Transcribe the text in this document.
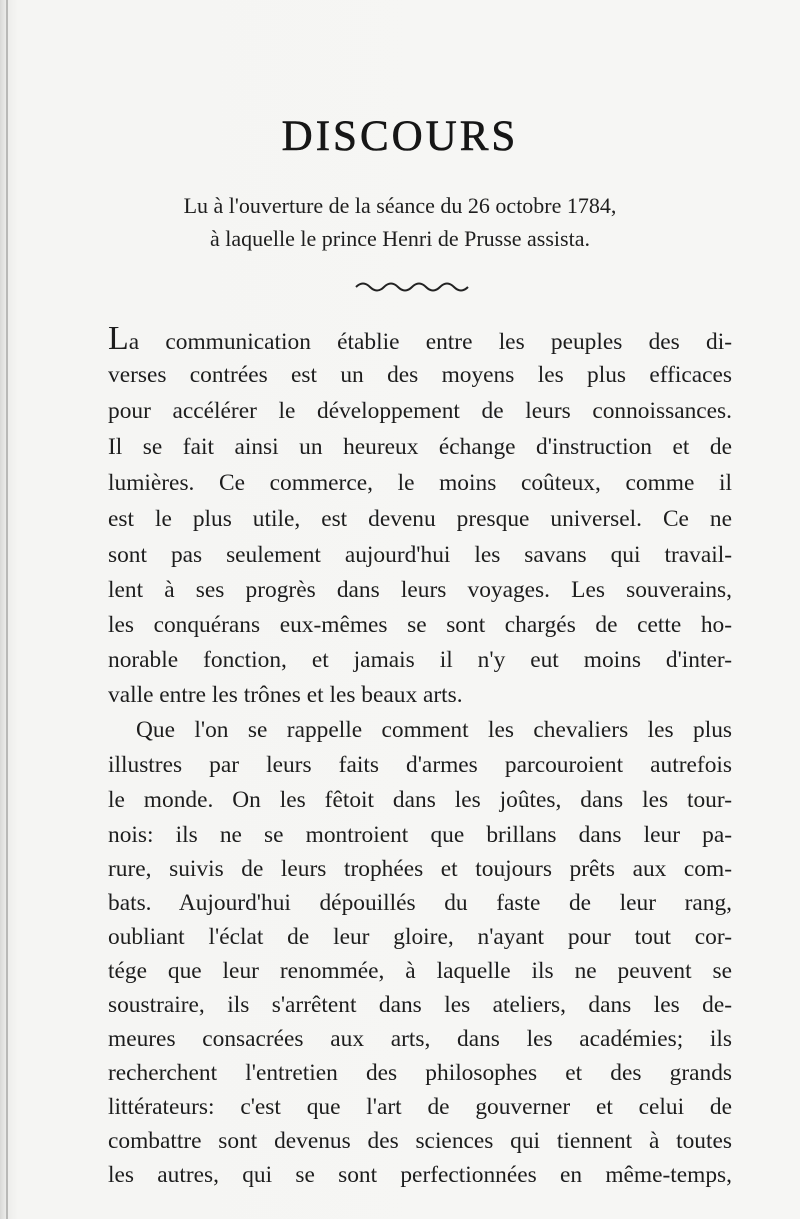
DISCOURS
Lu à l'ouverture de la séance du 26 octobre 1784,
à laquelle le prince Henri de Prusse assista.
La communication établie entre les peuples des di-
verses contrées est un des moyens les plus efficaces
pour accélérer le développement de leurs connoissances.
Il se fait ainsi un heureux échange d'instruction et de
lumières. Ce commerce, le moins coûteux, comme il
est le plus utile, est devenu presque universel. Ce ne
sont pas seulement aujourd'hui les savans qui travail-
lent à ses progrès dans leurs voyages. Les souverains,
les conquérans eux-mêmes se sont chargés de cette ho-
norable fonction, et jamais il n'y eut moins d'inter-
valle entre les trônes et les beaux arts.
Que l'on se rappelle comment les chevaliers les plus
illustres par leurs faits d'armes parcouroient autrefois
le monde. On les fêtoit dans les joûtes, dans les tour-
nois: ils ne se montroient que brillans dans leur pa-
rure, suivis de leurs trophées et toujours prêts aux com-
bats. Aujourd'hui dépouillés du faste de leur rang,
oubliant l'éclat de leur gloire, n'ayant pour tout cor-
tége que leur renommée, à laquelle ils ne peuvent se
soustraire, ils s'arrêtent dans les ateliers, dans les de-
meures consacrées aux arts, dans les académies; ils
recherchent l'entretien des philosophes et des grands
littérateurs: c'est que l'art de gouverner et celui de
combattre sont devenus des sciences qui tiennent à toutes
les autres, qui se sont perfectionnées en même-temps,
